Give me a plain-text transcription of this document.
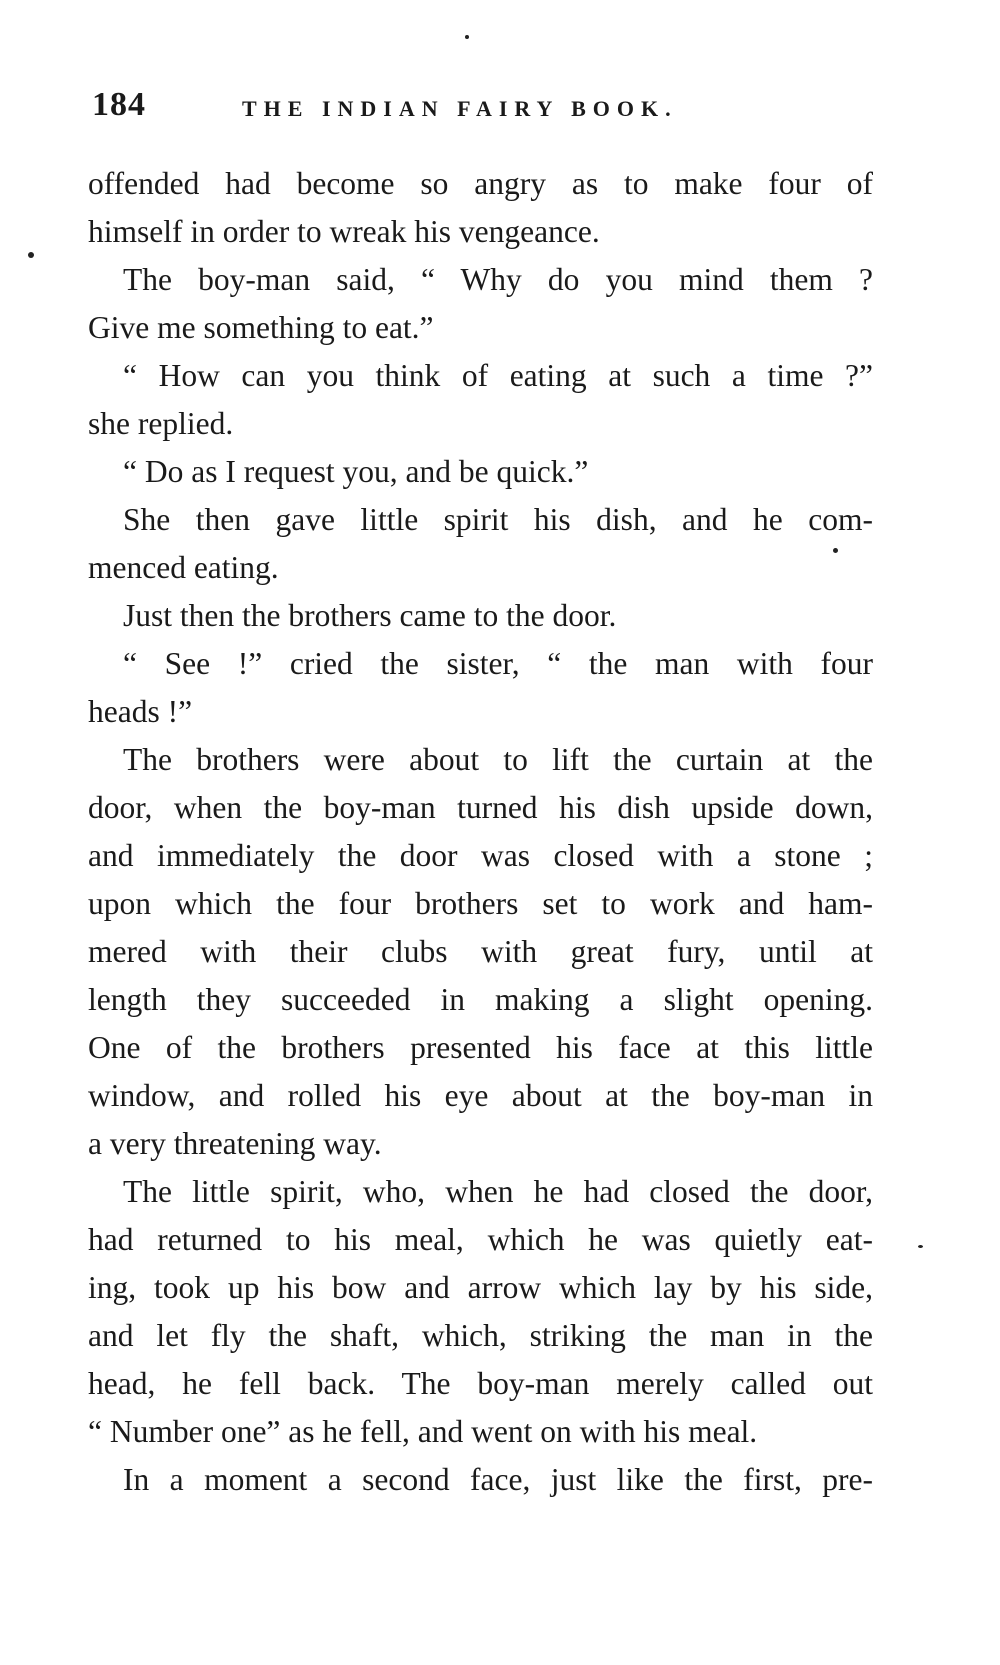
184	THE INDIAN FAIRY BOOK.
offended had become so angry as to make four of
himself in order to wreak his vengeance.
The boy-man said, “ Why do you mind them ?
Give me something to eat.”
“ How can you think of eating at such a time ?”
she replied.
“ Do as I request you, and be quick.”
She then gave little spirit his dish, and he com-
menced eating.
Just then the brothers came to the door.
“ See !” cried the sister, “ the man with four
heads !”
The brothers were about to lift the curtain at the
door, when the boy-man turned his dish upside down,
and immediately the door was closed with a stone ;
upon which the four brothers set to work and ham-
mered with their clubs with great fury, until at
length they succeeded in making a slight opening.
One of the brothers presented his face at this little
window, and rolled his eye about at the boy-man in
a very threatening way.
The little spirit, who, when he had closed the door,
had returned to his meal, which he was quietly eat-
ing, took up his bow and arrow which lay by his side,
and let fly the shaft, which, striking the man in the
head, he fell back. The boy-man merely called out
“ Number one” as he fell, and went on with his meal.
In a moment a second face, just like the first, pre-
